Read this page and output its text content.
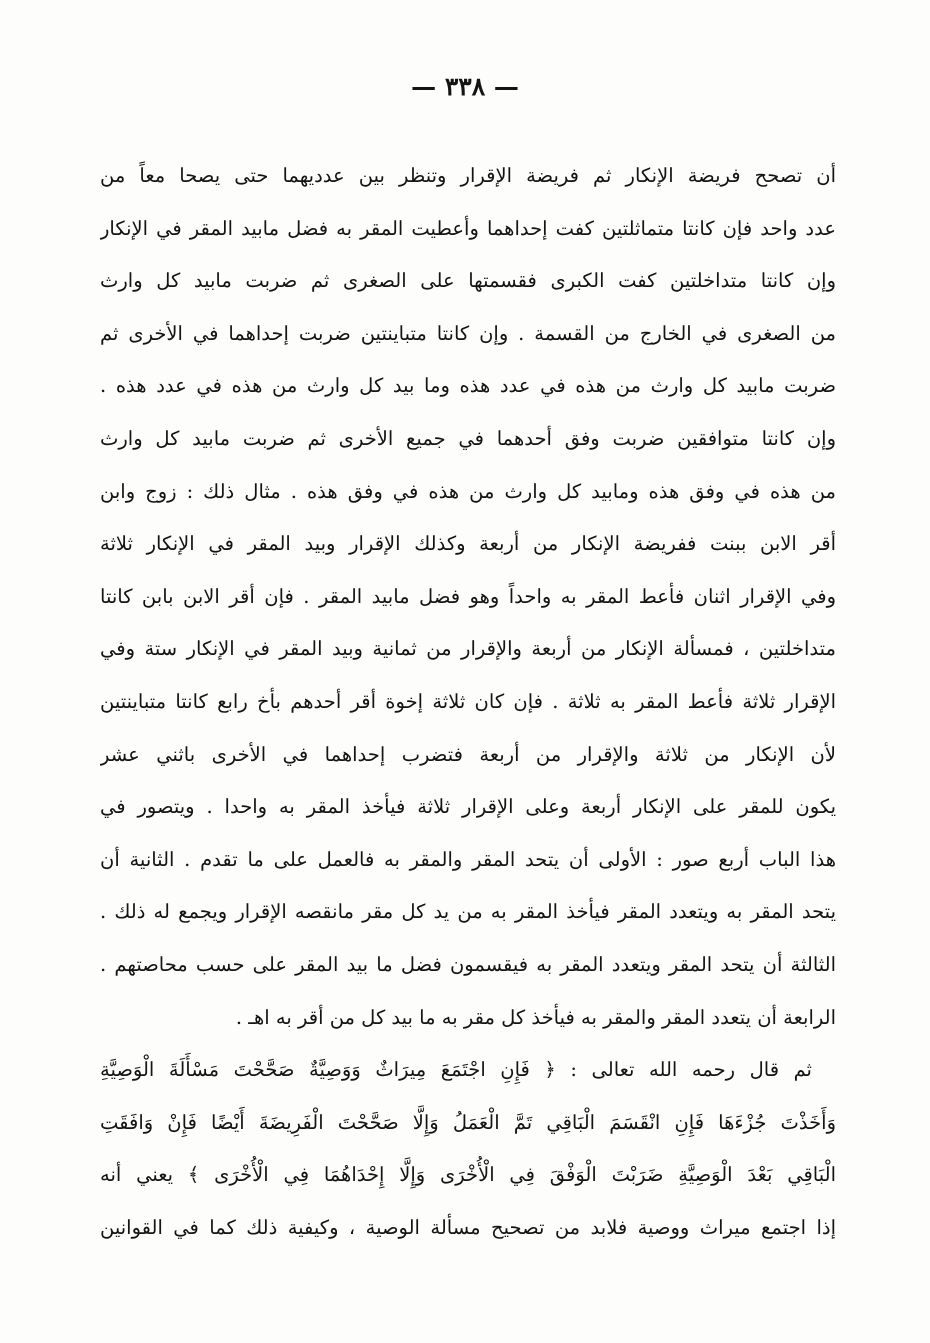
— ٣٣٨ —
أن تصحح فريضة الإنكار ثم فريضة الإقرار وتنظر بين عدديهما حتى يصحا معاً من
عدد واحد فإن كانتا متماثلتين كفت إحداهما وأعطيت المقر به فضل مابيد المقر في الإنكار
وإن كانتا متداخلتين كفت الكبرى فقسمتها على الصغرى ثم ضربت مابيد كل وارث
من الصغرى في الخارج من القسمة . وإن كانتا متباينتين ضربت إحداهما في الأخرى ثم
ضربت مابيد كل وارث من هذه في عدد هذه وما بيد كل وارث من هذه في عدد هذه .
وإن كانتا متوافقين ضربت وفق أحدهما في جميع الأخرى ثم ضربت مابيد كل وارث
من هذه في وفق هذه ومابيد كل وارث من هذه في وفق هذه . مثال ذلك : زوج وابن
أقر الابن ببنت ففريضة الإنكار من أربعة وكذلك الإقرار وبيد المقر في الإنكار ثلاثة
وفي الإقرار اثنان فأعط المقر به واحداً وهو فضل مابيد المقر . فإن أقر الابن بابن كانتا
متداخلتين ، فمسألة الإنكار من أربعة والإقرار من ثمانية وبيد المقر في الإنكار ستة وفي
الإقرار ثلاثة فأعط المقر به ثلاثة . فإن كان ثلاثة إخوة أقر أحدهم بأخ رابع كانتا متباينتين
لأن الإنكار من ثلاثة والإقرار من أربعة فتضرب إحداهما في الأخرى باثني عشر
يكون للمقر على الإنكار أربعة وعلى الإقرار ثلاثة فيأخذ المقر به واحدا . ويتصور في
هذا الباب أربع صور : الأولى أن يتحد المقر والمقر به فالعمل على ما تقدم . الثانية أن
يتحد المقر به ويتعدد المقر فيأخذ المقر به من يد كل مقر مانقصه الإقرار ويجمع له ذلك .
الثالثة أن يتحد المقر ويتعدد المقر به فيقسمون فضل ما بيد المقر على حسب محاصتهم .
الرابعة أن يتعدد المقر والمقر به فيأخذ كل مقر به ما بيد كل من أقر به اهـ .
ثم قال رحمه الله تعالى : ﴿ فَإِنِ اجْتَمَعَ مِيرَاثٌ وَوَصِيَّةٌ صَحَّحْتَ مَسْأَلَةَ الْوَصِيَّةِ
وَأَخَذْتَ جُزْءَهَا فَإِنِ انْقَسَمَ الْبَاقِي تَمَّ الْعَمَلُ وَإِلَّا صَحَّحْتَ الْفَرِيضَةَ أَيْضًا فَإِنْ وَافَقَتِ
الْبَاقِي بَعْدَ الْوَصِيَّةِ ضَرَبْتَ الْوَفْقَ فِي الْأُخْرَى وَإِلَّا إِحْدَاهُمَا فِي الْأُخْرَى ﴾ يعني أنه
إذا اجتمع ميراث ووصية فلابد من تصحيح مسألة الوصية ، وكيفية ذلك كما في القوانين
